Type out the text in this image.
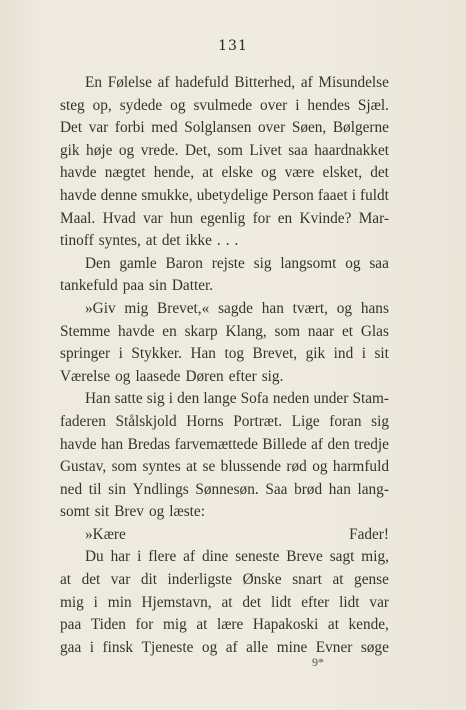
131
En Følelse af hadefuld Bitterhed, af Misundelse
steg op, sydede og svulmede over i hendes Sjæl.
Det var forbi med Solglansen over Søen, Bølgerne
gik høje og vrede. Det, som Livet saa haardnakket
havde nægtet hende, at elske og være elsket, det
havde denne smukke, ubetydelige Person faaet i fuldt
Maal. Hvad var hun egenlig for en Kvinde? Mar-
tinoff syntes, at det ikke . . .
Den gamle Baron rejste sig langsomt og saa
tankefuld paa sin Datter.
»Giv mig Brevet,« sagde han tvært, og hans
Stemme havde en skarp Klang, som naar et Glas
springer i Stykker. Han tog Brevet, gik ind i sit
Værelse og laasede Døren efter sig.
Han satte sig i den lange Sofa neden under Stam-
faderen Stålskjold Horns Portræt. Lige foran sig
havde han Bredas farvemættede Billede af den tredje
Gustav, som syntes at se blussende rød og harmfuld
ned til sin Yndlings Sønnesøn. Saa brød han lang-
somt sit Brev og læste:
»Kære	Fader!
Du har i flere af dine seneste Breve sagt mig,
at det var dit inderligste Ønske snart at gense
mig i min Hjemstavn, at det lidt efter lidt var
paa Tiden for mig at lære Hapakoski at kende,
gaa i finsk Tjeneste og af alle mine Evner søge
9*
